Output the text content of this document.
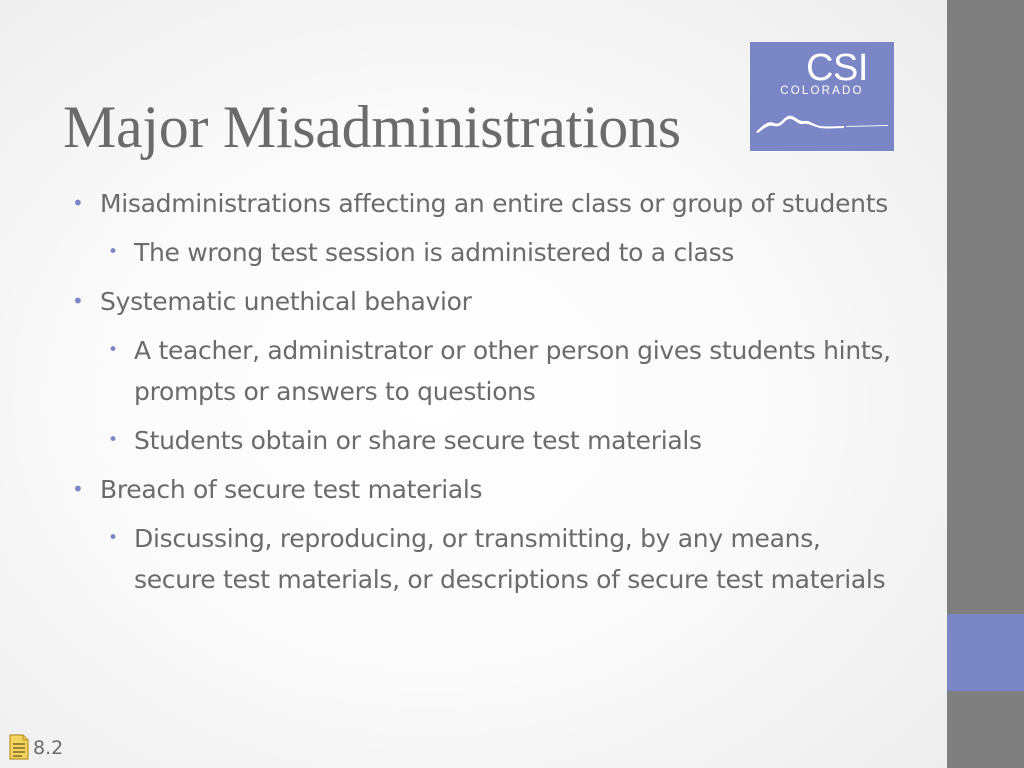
Major Misadministrations
CSI
COLORADO
• Misadministrations affecting an entire class or group of students
• The wrong test session is administered to a class
• Systematic unethical behavior
• A teacher, administrator or other person gives students hints, prompts or answers to questions
• Students obtain or share secure test materials
• Breach of secure test materials
• Discussing, reproducing, or transmitting, by any means, secure test materials, or descriptions of secure test materials
8.2
